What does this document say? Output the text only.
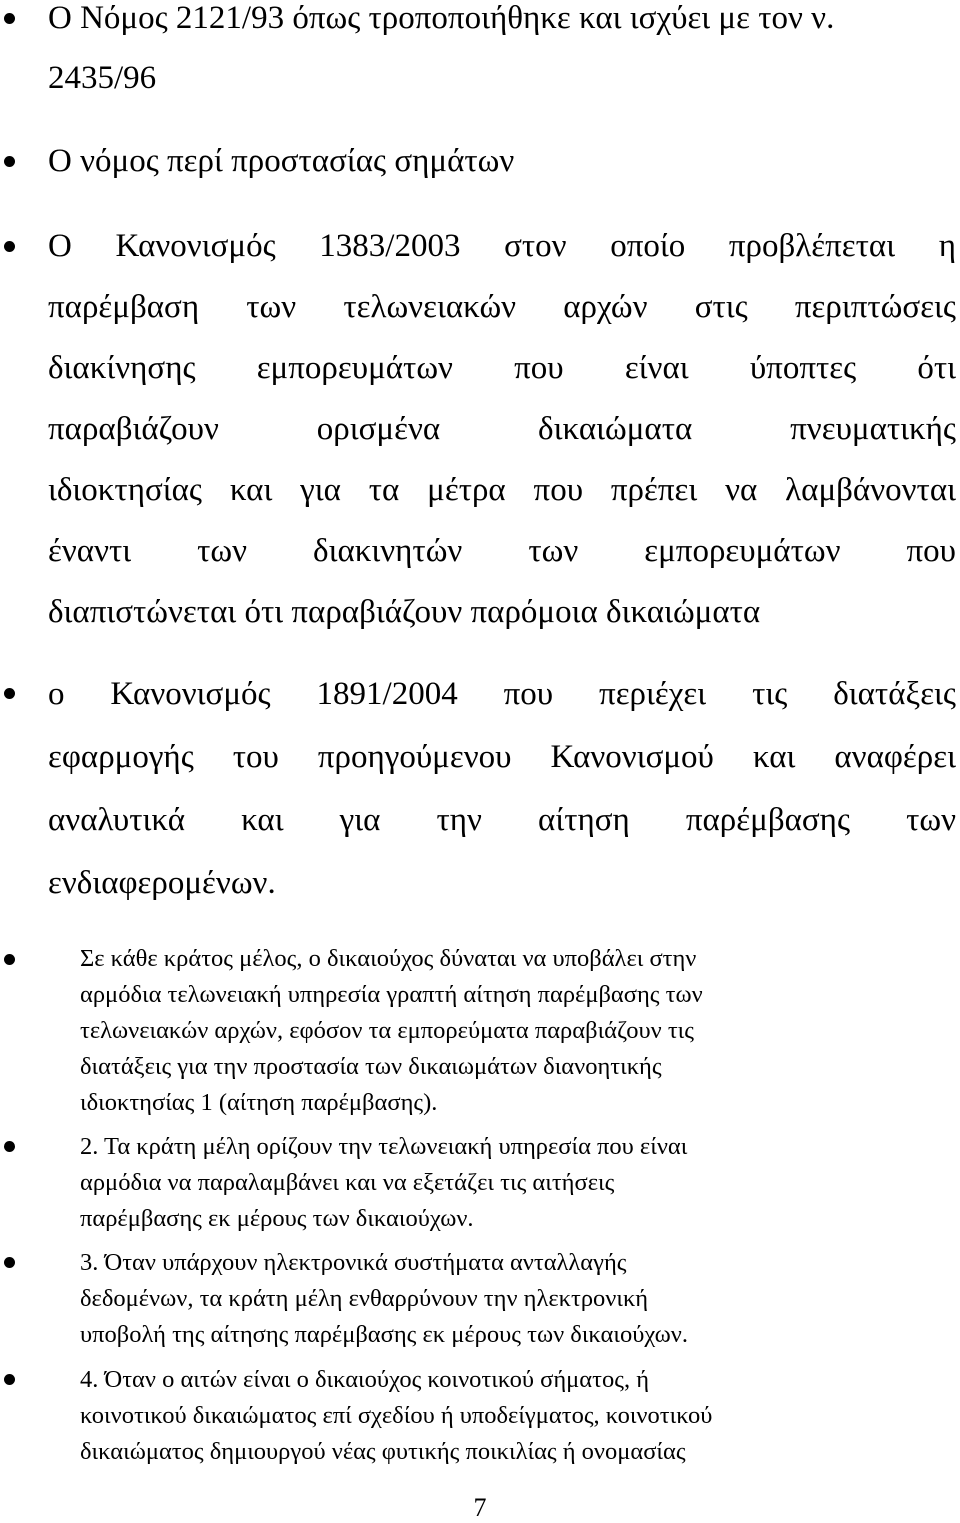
Ο Νόμος 2121/93 όπως τροποποιήθηκε και ισχύει με τον ν.

2435/96

Ο νόμος περί προστασίας σημάτων

Ο Κανονισμός 1383/2003 στον οποίο προβλέπεται η

παρέμβαση των τελωνειακών αρχών στις περιπτώσεις

διακίνησης εμπορευμάτων που είναι ύποπτες ότι

παραβιάζουν ορισμένα δικαιώματα πνευματικής

ιδιοκτησίας και για τα μέτρα που πρέπει να λαμβάνονται

έναντι των διακινητών των εμπορευμάτων που

διαπιστώνεται ότι παραβιάζουν παρόμοια δικαιώματα

ο Κανονισμός 1891/2004 που περιέχει τις διατάξεις

εφαρμογής του προηγούμενου Κανονισμού και αναφέρει

αναλυτικά και για την αίτηση παρέμβασης των

ενδιαφερομένων.

Σε κάθε κράτος μέλος, ο δικαιούχος δύναται να υποβάλει στην

αρμόδια τελωνειακή υπηρεσία γραπτή αίτηση παρέμβασης των

τελωνειακών αρχών, εφόσον τα εμπορεύματα παραβιάζουν τις

διατάξεις για την προστασία των δικαιωμάτων διανοητικής

ιδιοκτησίας 1 (αίτηση παρέμβασης).

2. Τα κράτη μέλη ορίζουν την τελωνειακή υπηρεσία που είναι

αρμόδια να παραλαμβάνει και να εξετάζει τις αιτήσεις

παρέμβασης εκ μέρους των δικαιούχων.

3. Όταν υπάρχουν ηλεκτρονικά συστήματα ανταλλαγής

δεδομένων, τα κράτη μέλη ενθαρρύνουν την ηλεκτρονική

υποβολή της αίτησης παρέμβασης εκ μέρους των δικαιούχων.

4. Όταν ο αιτών είναι ο δικαιούχος κοινοτικού σήματος, ή

κοινοτικού δικαιώματος επί σχεδίου ή υποδείγματος, κοινοτικού

δικαιώματος δημιουργού νέας φυτικής ποικιλίας ή ονομασίας

7
